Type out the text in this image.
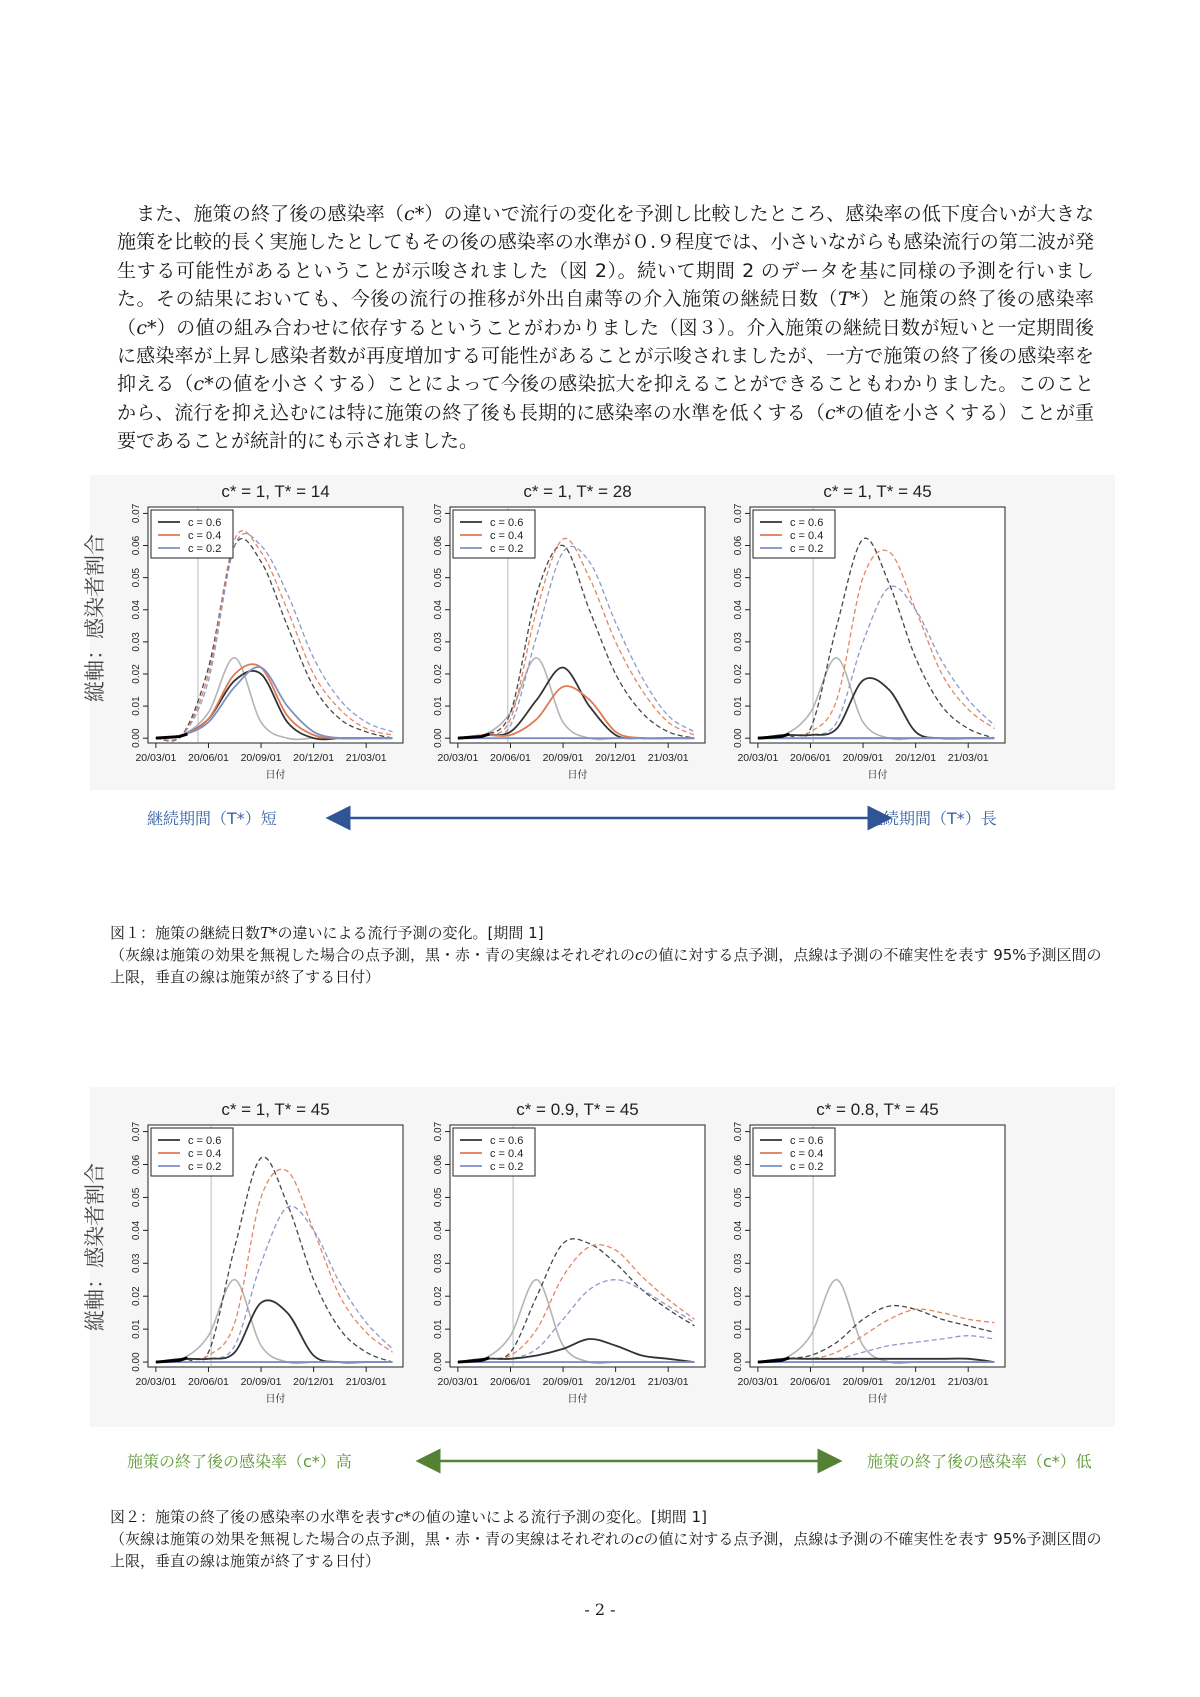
　また、施策の終了後の感染率（c*）の違いで流行の変化を予測し比較したところ、感染率の低下度合いが大きな施策を比較的長く実施したとしてもその後の感染率の水準が０.９程度では、小さいながらも感染流行の第二波が発生する可能性があるということが示唆されました（図 2）。続いて期間 2 のデータを基に同様の予測を行いました。その結果においても、今後の流行の推移が外出自粛等の介入施策の継続日数（T*）と施策の終了後の感染率（c*）の値の組み合わせに依存するということがわかりました（図３）。介入施策の継続日数が短いと一定期間後に感染率が上昇し感染者数が再度増加する可能性があることが示唆されましたが、一方で施策の終了後の感染率を抑える（c*の値を小さくする）ことによって今後の感染拡大を抑えることができることもわかりました。このことから、流行を抑え込むには特に施策の終了後も長期的に感染率の水準を低くする（c*の値を小さくする）ことが重要であることが統計的にも示されました。

縦軸：感染者割合
c* = 1, T* = 14
0.00
0.01
0.02
0.03
0.04
0.05
0.06
0.07
20/03/01 20/06/01 20/09/01 20/12/01 21/03/01
日付
c = 0.6
c = 0.4
c = 0.2
c* = 1, T* = 28
0.00
0.01
0.02
0.03
0.04
0.05
0.06
0.07
20/03/01 20/06/01 20/09/01 20/12/01 21/03/01
日付
c = 0.6
c = 0.4
c = 0.2
c* = 1, T* = 45
0.00
0.01
0.02
0.03
0.04
0.05
0.06
0.07
20/03/01 20/06/01 20/09/01 20/12/01 21/03/01
日付
c = 0.6
c = 0.4
c = 0.2
継続期間（T*）短	継続期間（T*）長

図１：施策の継続日数T*の違いによる流行予測の変化。[期間 1]
（灰線は施策の効果を無視した場合の点予測，黒・赤・青の実線はそれぞれのcの値に対する点予測，点線は予測の不確実性を表す 95%予測区間の上限，垂直の線は施策が終了する日付）

縦軸：感染者割合
c* = 1, T* = 45
0.00
0.01
0.02
0.03
0.04
0.05
0.06
0.07
20/03/01 20/06/01 20/09/01 20/12/01 21/03/01
日付
c = 0.6
c = 0.4
c = 0.2
c* = 0.9, T* = 45
0.00
0.01
0.02
0.03
0.04
0.05
0.06
0.07
20/03/01 20/06/01 20/09/01 20/12/01 21/03/01
日付
c = 0.6
c = 0.4
c = 0.2
c* = 0.8, T* = 45
0.00
0.01
0.02
0.03
0.04
0.05
0.06
0.07
20/03/01 20/06/01 20/09/01 20/12/01 21/03/01
日付
c = 0.6
c = 0.4
c = 0.2
施策の終了後の感染率（c*）高	施策の終了後の感染率（c*）低

図２：施策の終了後の感染率の水準を表すc*の値の違いによる流行予測の変化。[期間 1]
（灰線は施策の効果を無視した場合の点予測，黒・赤・青の実線はそれぞれのcの値に対する点予測，点線は予測の不確実性を表す 95%予測区間の上限，垂直の線は施策が終了する日付）

- 2 -
